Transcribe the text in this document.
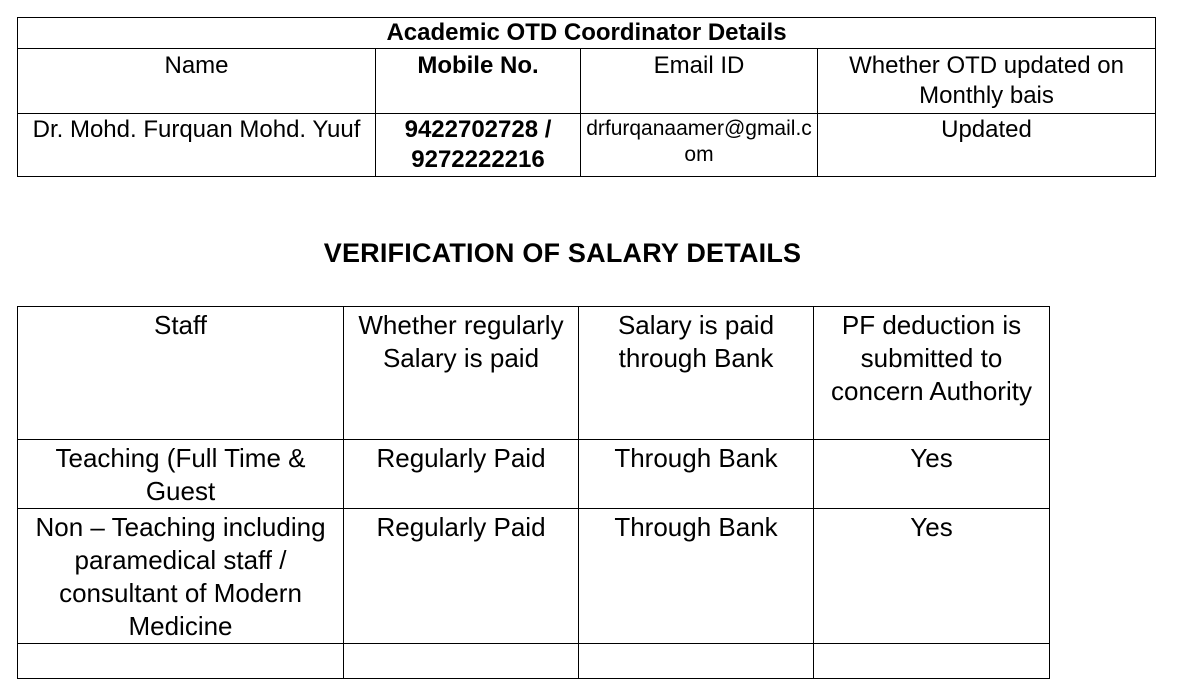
Academic OTD Coordinator Details			
Name	Mobile No.	Email ID	Whether OTD updated on Monthly bais
Dr. Mohd. Furquan Mohd. Yuuf	9422702728 / 9272222216	drfurqanaamer@gmail.com	Updated
VERIFICATION OF SALARY DETAILS
Staff	Whether regularly Salary is paid	Salary is paid through Bank	PF deduction is submitted to concern Authority
Teaching (Full Time & Guest	Regularly Paid	Through Bank	Yes
Non – Teaching including paramedical staff / consultant of Modern Medicine	Regularly Paid	Through Bank	Yes
